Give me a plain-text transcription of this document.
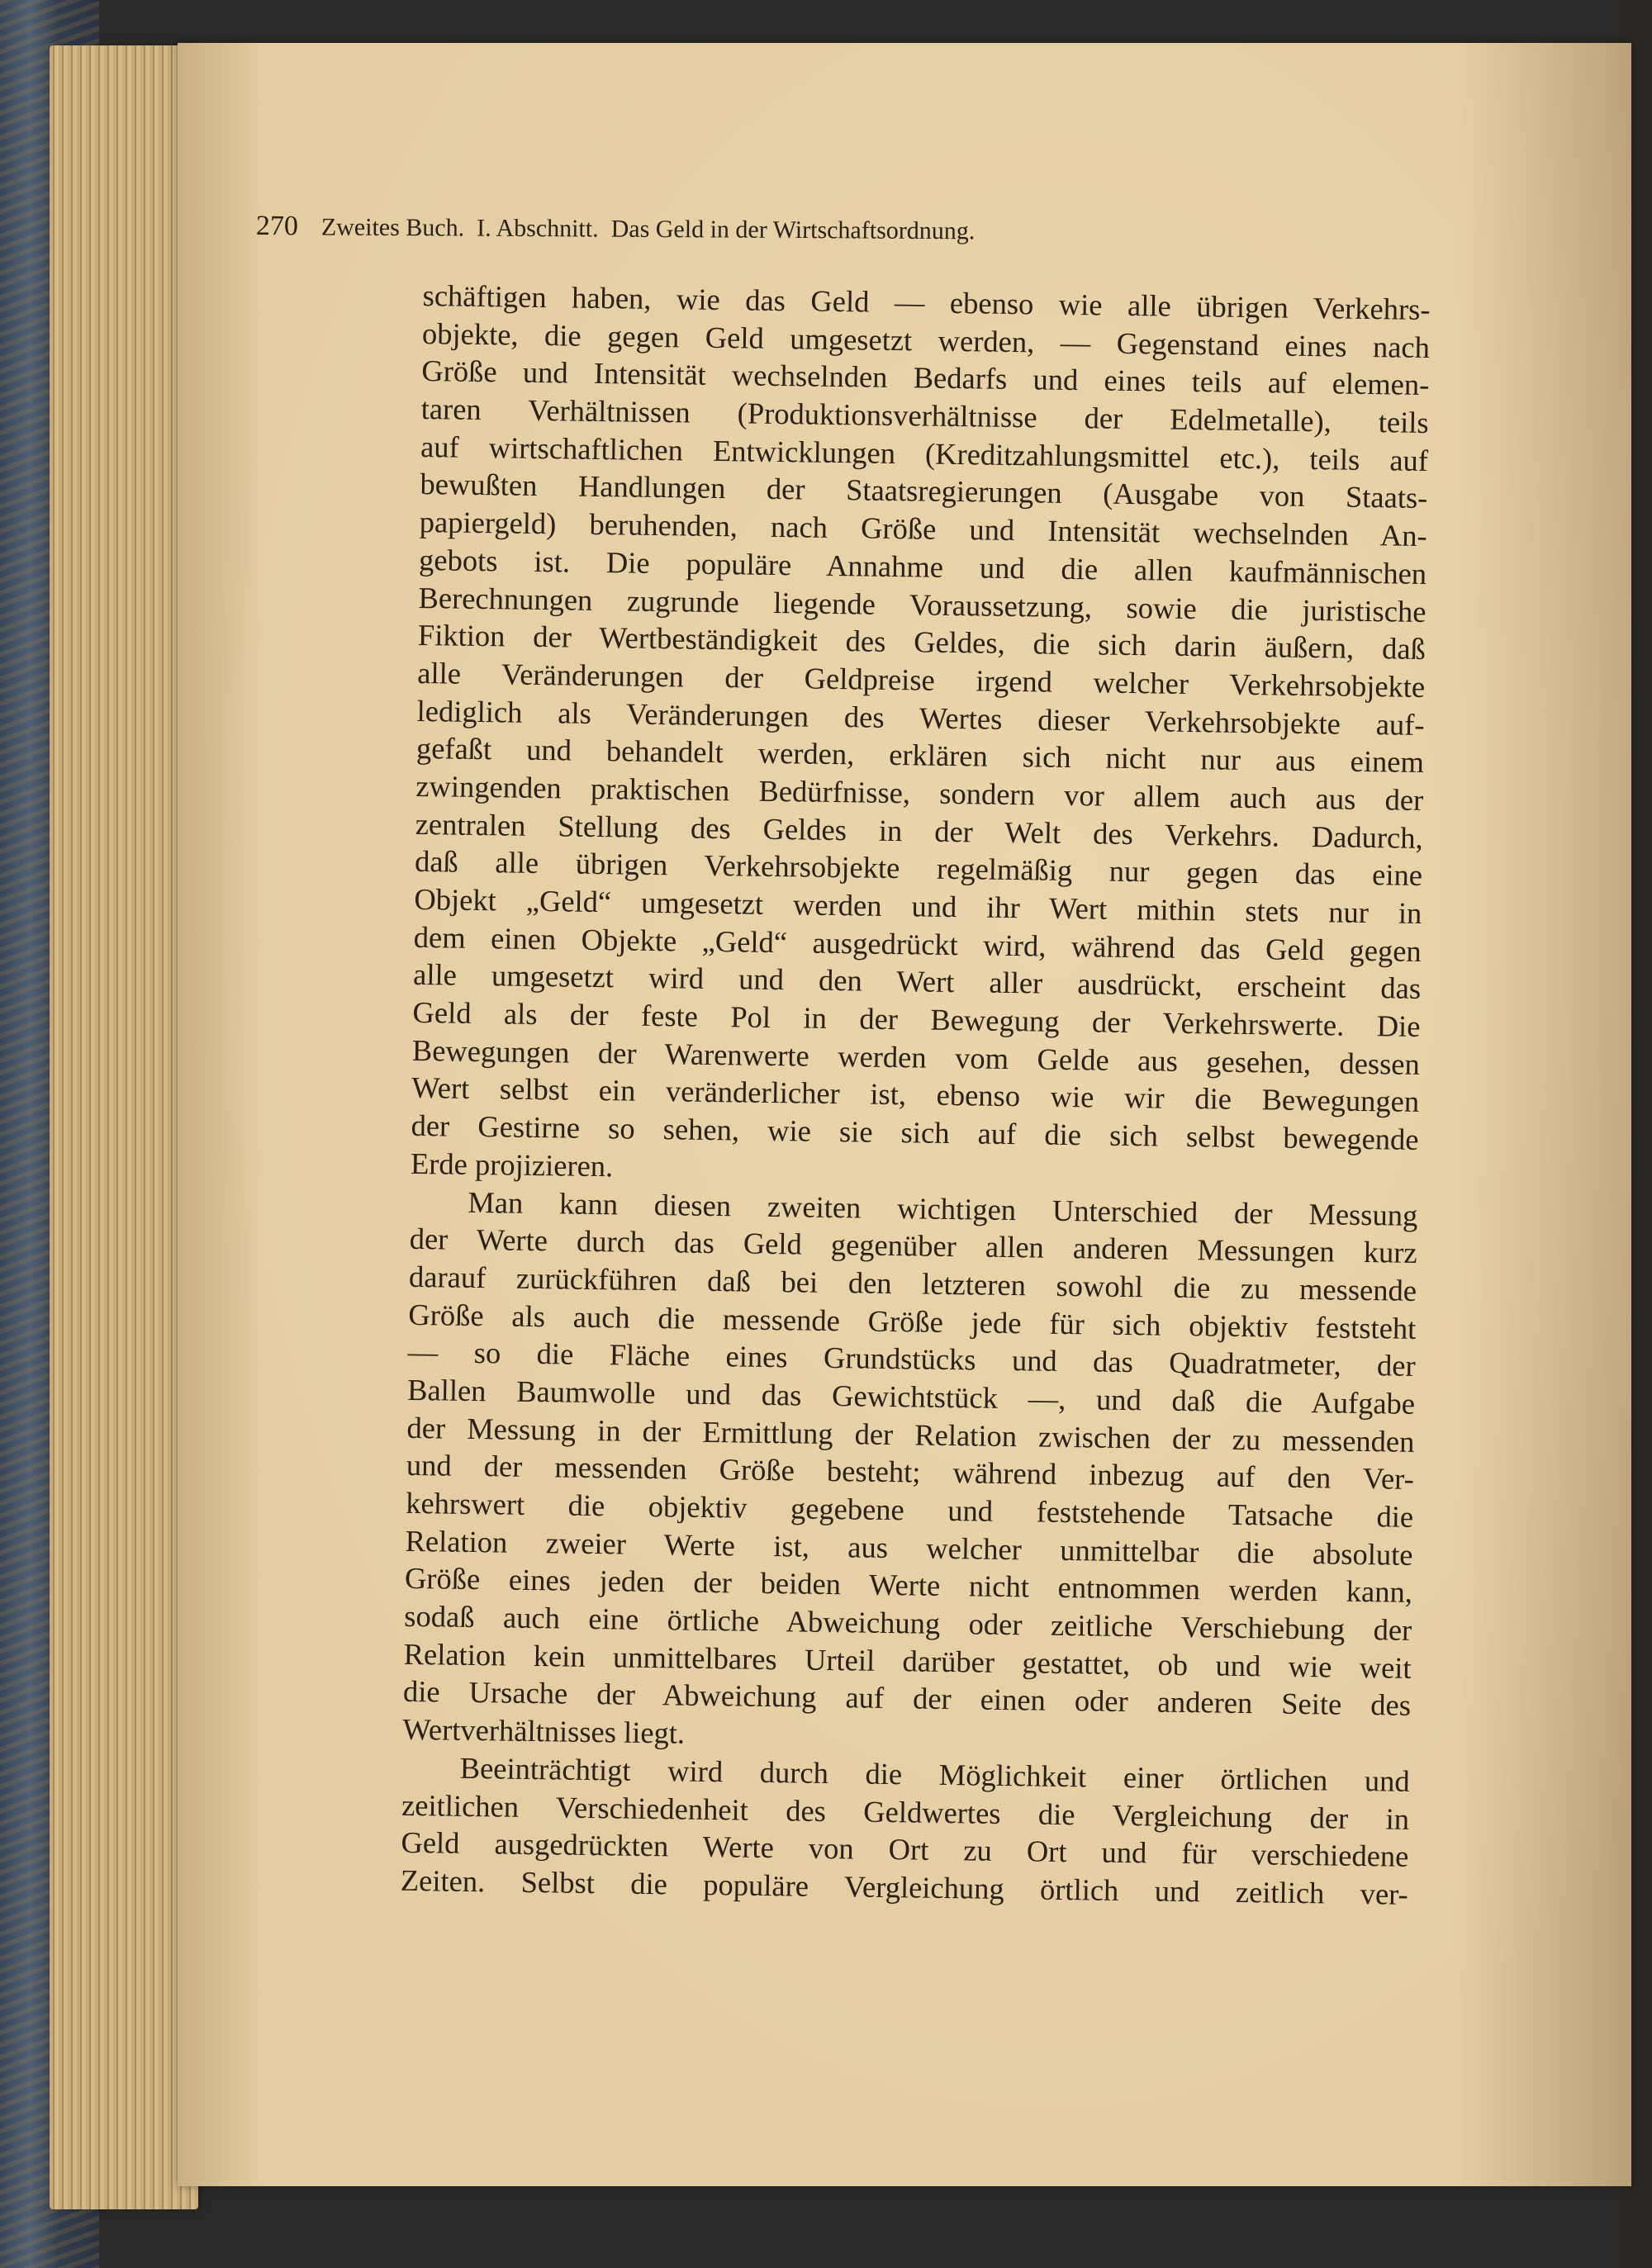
270 Zweites Buch.  I. Abschnitt.  Das Geld in der Wirtschaftsordnung.
schäftigen haben, wie das Geld — ebenso wie alle übrigen Verkehrs-
objekte, die gegen Geld umgesetzt werden, — Gegenstand eines nach
Größe und Intensität wechselnden Bedarfs und eines teils auf elemen-
taren Verhältnissen (Produktionsverhältnisse der Edelmetalle), teils
auf wirtschaftlichen Entwicklungen (Kreditzahlungsmittel etc.), teils auf
bewußten Handlungen der Staatsregierungen (Ausgabe von Staats-
papiergeld) beruhenden, nach Größe und Intensität wechselnden An-
gebots ist. Die populäre Annahme und die allen kaufmännischen
Berechnungen zugrunde liegende Voraussetzung, sowie die juristische
Fiktion der Wertbeständigkeit des Geldes, die sich darin äußern, daß
alle Veränderungen der Geldpreise irgend welcher Verkehrsobjekte
lediglich als Veränderungen des Wertes dieser Verkehrsobjekte auf-
gefaßt und behandelt werden, erklären sich nicht nur aus einem
zwingenden praktischen Bedürfnisse, sondern vor allem auch aus der
zentralen Stellung des Geldes in der Welt des Verkehrs. Dadurch,
daß alle übrigen Verkehrsobjekte regelmäßig nur gegen das eine
Objekt „Geld“ umgesetzt werden und ihr Wert mithin stets nur in
dem einen Objekte „Geld“ ausgedrückt wird, während das Geld gegen
alle umgesetzt wird und den Wert aller ausdrückt, erscheint das
Geld als der feste Pol in der Bewegung der Verkehrswerte. Die
Bewegungen der Warenwerte werden vom Gelde aus gesehen, dessen
Wert selbst ein veränderlicher ist, ebenso wie wir die Bewegungen
der Gestirne so sehen, wie sie sich auf die sich selbst bewegende
Erde projizieren.
Man kann diesen zweiten wichtigen Unterschied der Messung
der Werte durch das Geld gegenüber allen anderen Messungen kurz
darauf zurückführen daß bei den letzteren sowohl die zu messende
Größe als auch die messende Größe jede für sich objektiv feststeht
— so die Fläche eines Grundstücks und das Quadratmeter, der
Ballen Baumwolle und das Gewichtstück —, und daß die Aufgabe
der Messung in der Ermittlung der Relation zwischen der zu messenden
und der messenden Größe besteht; während inbezug auf den Ver-
kehrswert die objektiv gegebene und feststehende Tatsache die
Relation zweier Werte ist, aus welcher unmittelbar die absolute
Größe eines jeden der beiden Werte nicht entnommen werden kann,
sodaß auch eine örtliche Abweichung oder zeitliche Verschiebung der
Relation kein unmittelbares Urteil darüber gestattet, ob und wie weit
die Ursache der Abweichung auf der einen oder anderen Seite des
Wertverhältnisses liegt.
Beeinträchtigt wird durch die Möglichkeit einer örtlichen und
zeitlichen Verschiedenheit des Geldwertes die Vergleichung der in
Geld ausgedrückten Werte von Ort zu Ort und für verschiedene
Zeiten. Selbst die populäre Vergleichung örtlich und zeitlich ver-
